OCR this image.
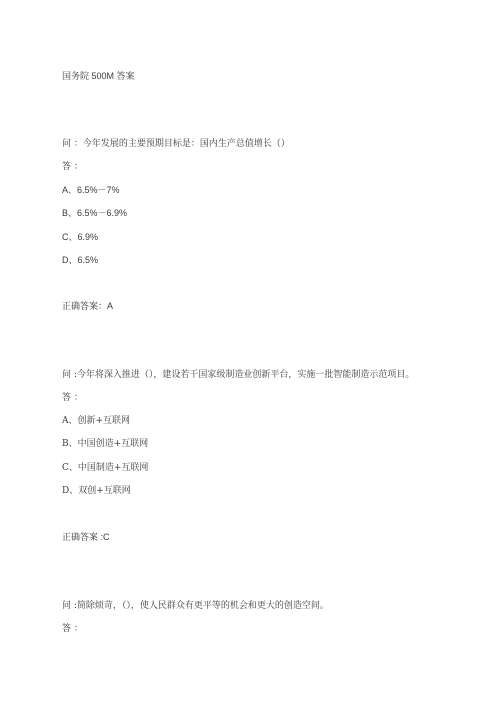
国务院 500M 答案
问 ：今年发展的主要预期目标是：国内生产总值增长（）
答 ：
A、6.5%－7%
B、6.5%－6.9%
C、6.9%
D、6.5%
正确答案：A
问 :今年将深入推进（），建设若干国家级制造业创新平台，实施一批智能制造示范项目。
答 ：
A、创新+互联网
B、中国创造+互联网
C、中国制造+互联网
D、双创+互联网
正确答案 :C
问 :简除烦苛，（），使人民群众有更平等的机会和更大的创造空间。
答 ：
